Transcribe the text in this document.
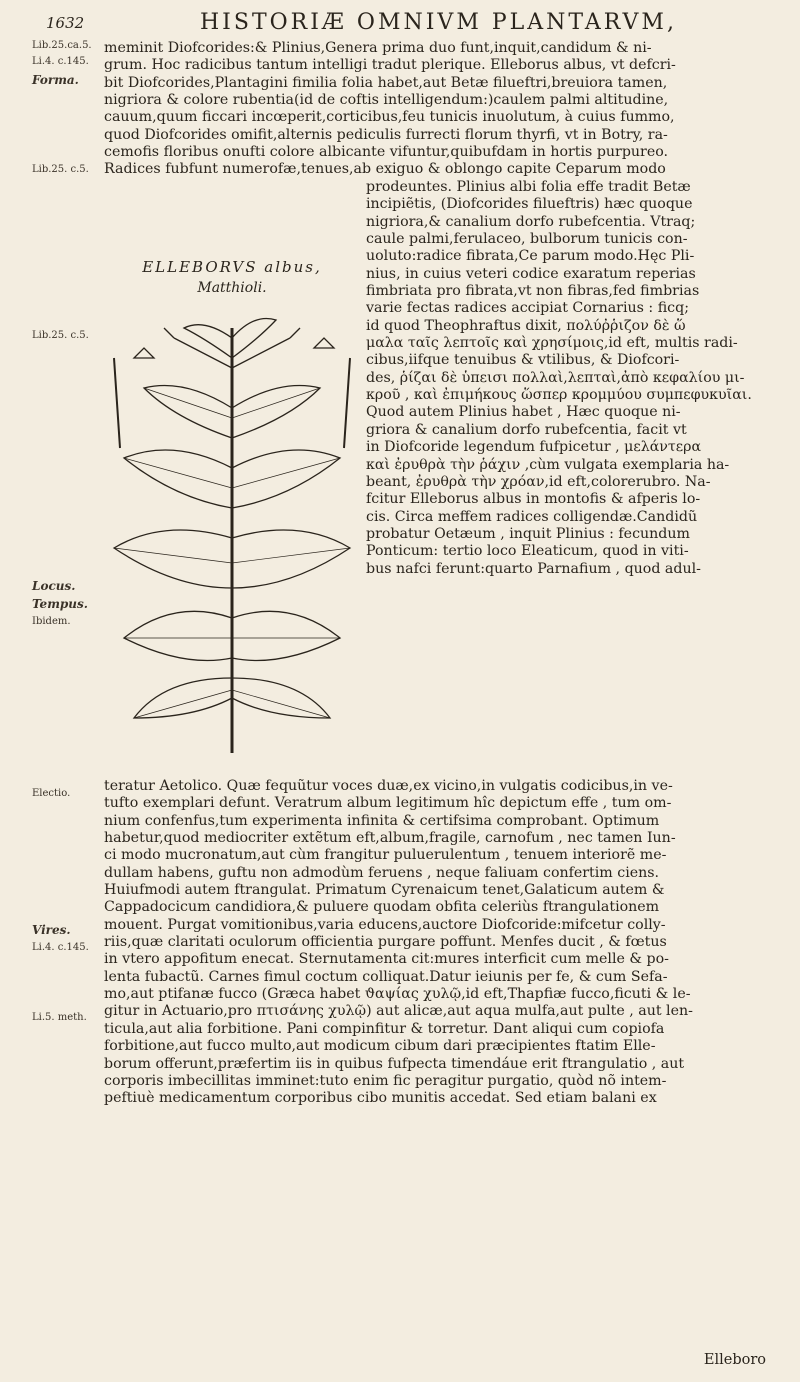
1632	HISTORIÆ OMNIVM PLANTARVM,
Lib.25.ca.5.
Li.4. c.145.
Forma.
Lib.25. c.5.
Lib.25. c.5.
Locus.
Tempus.
Ibidem.
Electio.
Vires.
Li.4. c.145.
Li.5. meth.
meminit Diofcorides:& Plinius,Genera prima duo funt,inquit,candidum & ni-
grum. Hoc radicibus tantum intelligi tradut plerique. Elleborus albus, vt defcri-
bit Diofcorides,Plantagini fimilia folia habet,aut Betæ filueftri,breuiora tamen,
nigriora & colore rubentia(id de coftis intelligendum:)caulem palmi altitudine,
cauum,quum ficcari incœperit,corticibus,feu tunicis inuolutum, à cuius fummo,
quod Diofcorides omifit,alternis pediculis furrecti florum thyrfi, vt in Botry, ra-
cemofis floribus onufti colore albicante vifuntur,quibufdam in hortis purpureo.
Radices fubfunt numerofæ,tenues,ab exiguo & oblongo capite Ceparum modo
ELLEBORVS albus,
Matthioli.
prodeuntes. Plinius albi folia effe tradit Betæ
incipiẽtis, (Diofcorides filueftris) hæc quoque
nigriora,& canalium dorfo rubefcentia. Vtraq;
caule palmi,ferulaceo, bulborum tunicis con-
uoluto:radice fibrata,Ce parum modo.Hęc Pli-
nius, in cuius veteri codice exaratum reperias
fimbriata pro fibrata,vt non fibras,fed fimbrias
varie fectas radices accipiat Cornarius : ficq;
id quod Theophraftus dixit, πολύῤῥιζον δὲ ὥ
μαλα ταῖς λεπτοῖς καὶ χρησίμοις,id eft, multis radi-
cibus,iifque tenuibus & vtilibus, & Diofcori-
des, ῥίζαι δὲ ὑπεισι πολλαὶ,λεπταὶ,ἀπὸ κεφαλίου μι-
κροῦ , καὶ ἐπιμήκους ὥσπερ κρομμύου συμπεφυκυῖαι.
Quod autem Plinius habet , Hæc quoque ni-
griora & canalium dorfo rubefcentia, facit vt
in Diofcoride legendum fufpicetur , μελάντερα
καὶ ἐρυθρὰ τὴν ῥάχιν ,cùm vulgata exemplaria ha-
beant, ἐρυθρὰ τὴν χρόαν,id eft,colorerubro. Na-
fcitur Elleborus albus in montofis & afperis lo-
cis. Circa meffem radices colligendæ.Candidũ
probatur Oetæum , inquit Plinius : fecundum
Ponticum: tertio loco Eleaticum, quod in viti-
bus nafci ferunt:quarto Parnafium , quod adul-
teratur Aetolico. Quæ fequũtur voces duæ,ex vicino,in vulgatis codicibus,in ve-
tufto exemplari defunt. Veratrum album legitimum hîc depictum effe , tum om-
nium confenfus,tum experimenta infinita & certifsima comprobant. Optimum
habetur,quod mediocriter extẽtum eft,album,fragile, carnofum , nec tamen Iun-
ci modo mucronatum,aut cùm frangitur puluerulentum , tenuem interiorẽ me-
dullam habens, guftu non admodùm feruens , neque faliuam confertim ciens.
Huiufmodi autem ftrangulat. Primatum Cyrenaicum tenet,Galaticum autem &
Cappadocicum candidiora,& puluere quodam obfita celeriùs ftrangulationem
mouent. Purgat vomitionibus,varia educens,auctore Diofcoride:mifcetur colly-
riis,quæ claritati oculorum officientia purgare poffunt. Menfes ducit , & fœtus
in vtero appofitum enecat. Sternutamenta cit:mures interficit cum melle & po-
lenta fubactũ. Carnes fimul coctum colliquat.Datur ieiunis per fe, & cum Sefa-
mo,aut ptifanæ fucco (Græca habet ϑαψίας χυλῷ,id eft,Thapfiæ fucco,ficuti & le-
gitur in Actuario,pro πτισάνης χυλῷ) aut alicæ,aut aqua mulfa,aut pulte , aut len-
ticula,aut alia forbitione. Pani compinfitur & torretur. Dant aliqui cum copiofa
forbitione,aut fucco multo,aut modicum cibum dari præcipientes ftatim Elle-
borum offerunt,præfertim iis in quibus fufpecta timendáue erit ftrangulatio , aut
corporis imbecillitas imminet:tuto enim fic peragitur purgatio, quòd nõ intem-
peftiuè medicamentum corporibus cibo munitis accedat. Sed etiam balani ex
Elleboro
